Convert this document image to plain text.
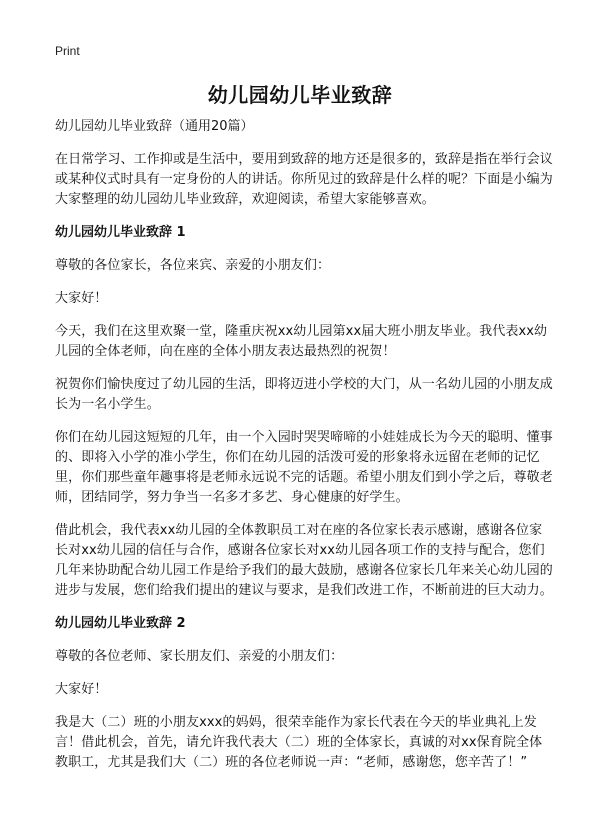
Print
幼儿园幼儿毕业致辞
幼儿园幼儿毕业致辞（通用20篇）

在日常学习、工作抑或是生活中，要用到致辞的地方还是很多的，致辞是指在举行会议或某种仪式时具有一定身份的人的讲话。你所见过的致辞是什么样的呢？下面是小编为大家整理的幼儿园幼儿毕业致辞，欢迎阅读，希望大家能够喜欢。

幼儿园幼儿毕业致辞 1

尊敬的各位家长，各位来宾、亲爱的小朋友们：

大家好！

今天，我们在这里欢聚一堂，隆重庆祝xx幼儿园第xx届大班小朋友毕业。我代表xx幼儿园的全体老师，向在座的全体小朋友表达最热烈的祝贺！

祝贺你们愉快度过了幼儿园的生活，即将迈进小学校的大门，从一名幼儿园的小朋友成长为一名小学生。

你们在幼儿园这短短的几年，由一个入园时哭哭啼啼的小娃娃成长为今天的聪明、懂事的、即将入小学的准小学生，你们在幼儿园的活泼可爱的形象将永远留在老师的记忆里，你们那些童年趣事将是老师永远说不完的话题。希望小朋友们到小学之后，尊敬老师，团结同学，努力争当一名多才多艺、身心健康的好学生。

借此机会，我代表xx幼儿园的全体教职员工对在座的各位家长表示感谢，感谢各位家长对xx幼儿园的信任与合作，感谢各位家长对xx幼儿园各项工作的支持与配合，您们几年来协助配合幼儿园工作是给予我们的最大鼓励，感谢各位家长几年来关心幼儿园的进步与发展，您们给我们提出的建议与要求，是我们改进工作，不断前进的巨大动力。

幼儿园幼儿毕业致辞 2

尊敬的各位老师、家长朋友们、亲爱的小朋友们：

大家好！

我是大（二）班的小朋友xxx的妈妈，很荣幸能作为家长代表在今天的毕业典礼上发言！借此机会，首先，请允许我代表大（二）班的全体家长，真诚的对xx保育院全体教职工，尤其是我们大（二）班的各位老师说一声：“老师，感谢您，您辛苦了！”
